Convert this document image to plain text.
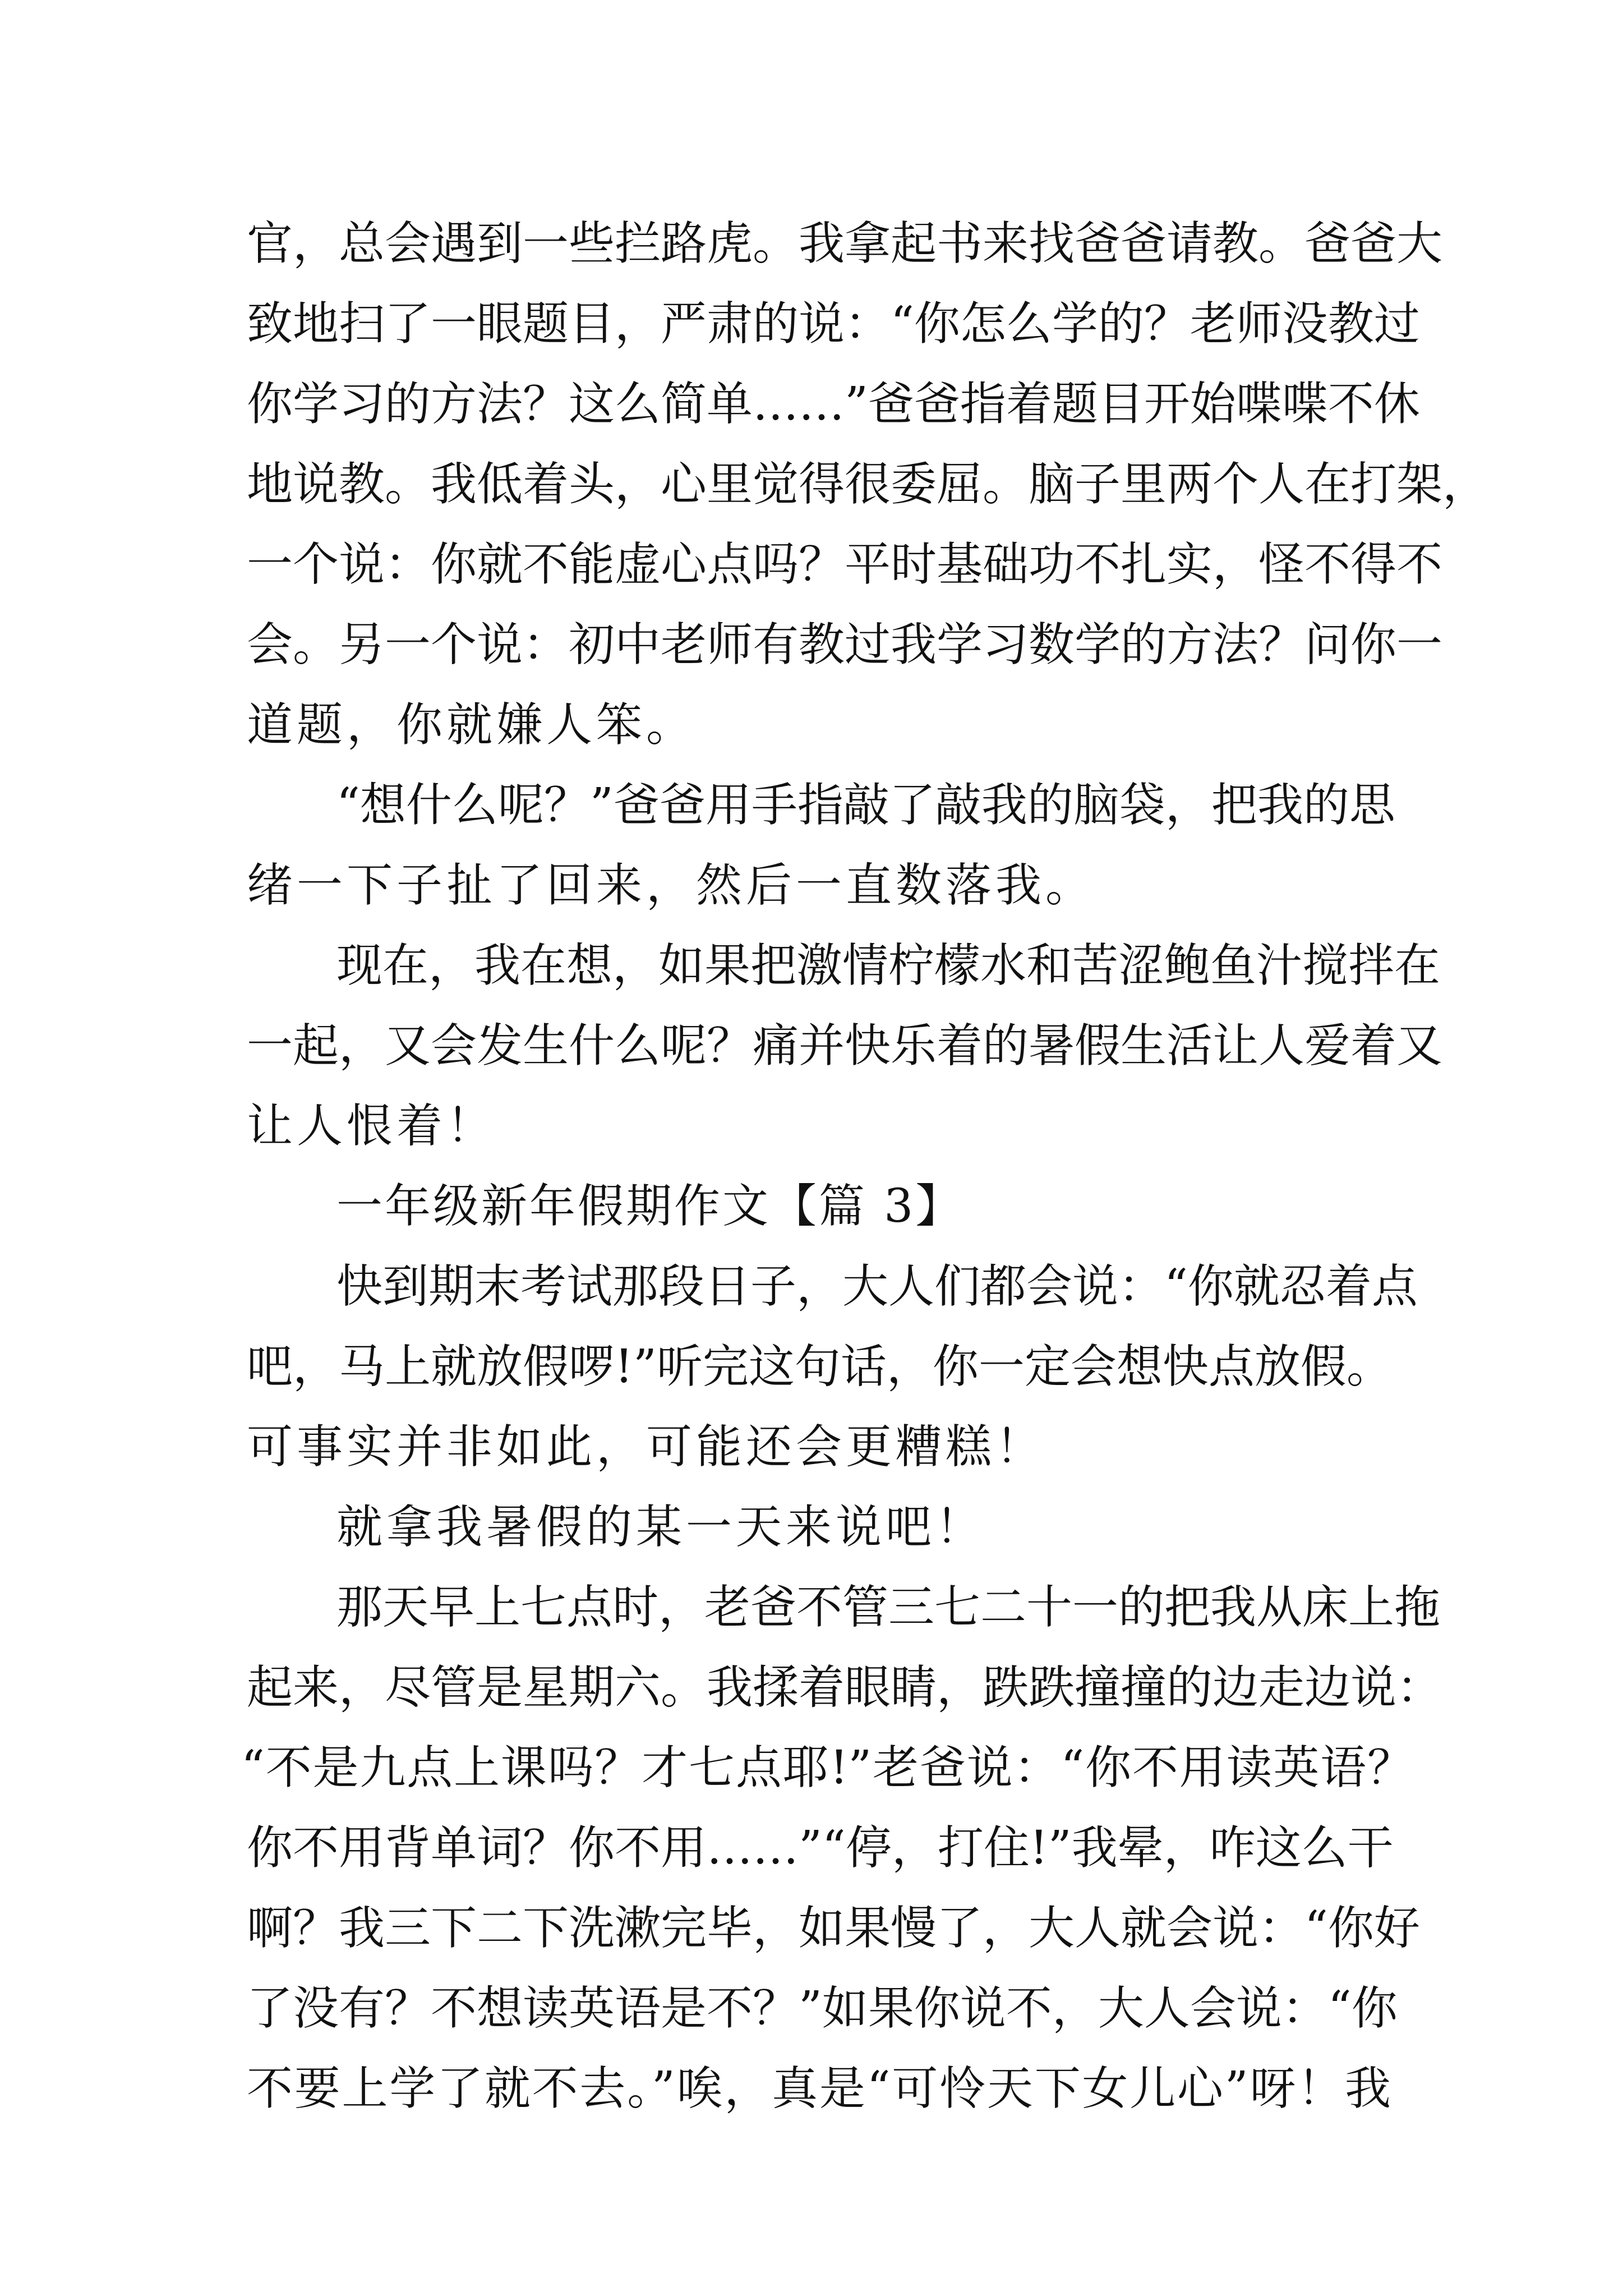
官，总会遇到一些拦路虎。我拿起书来找爸爸请教。爸爸大
致地扫了一眼题目，严肃的说：“你怎么学的？老师没教过
你学习的方法？这么简单……”爸爸指着题目开始喋喋不休
地说教。我低着头，心里觉得很委屈。脑子里两个人在打架，
一个说：你就不能虚心点吗？平时基础功不扎实，怪不得不
会。另一个说：初中老师有教过我学习数学的方法？问你一
道题，你就嫌人笨。
“想什么呢？”爸爸用手指敲了敲我的脑袋，把我的思
绪一下子扯了回来，然后一直数落我。
现在，我在想，如果把激情柠檬水和苦涩鲍鱼汁搅拌在
一起，又会发生什么呢？痛并快乐着的暑假生活让人爱着又
让人恨着！
一年级新年假期作文【篇 3】
快到期末考试那段日子，大人们都会说：“你就忍着点
吧，马上就放假啰!”听完这句话，你一定会想快点放假。
可事实并非如此，可能还会更糟糕！
就拿我暑假的某一天来说吧！
那天早上七点时，老爸不管三七二十一的把我从床上拖
起来，尽管是星期六。我揉着眼睛，跌跌撞撞的边走边说：
“不是九点上课吗？才七点耶!”老爸说：“你不用读英语？
你不用背单词？你不用……”“停，打住!”我晕，咋这么干
啊？我三下二下洗漱完毕，如果慢了，大人就会说：“你好
了没有？不想读英语是不？”如果你说不，大人会说：“你
不要上学了就不去。”唉，真是“可怜天下女儿心”呀！我
